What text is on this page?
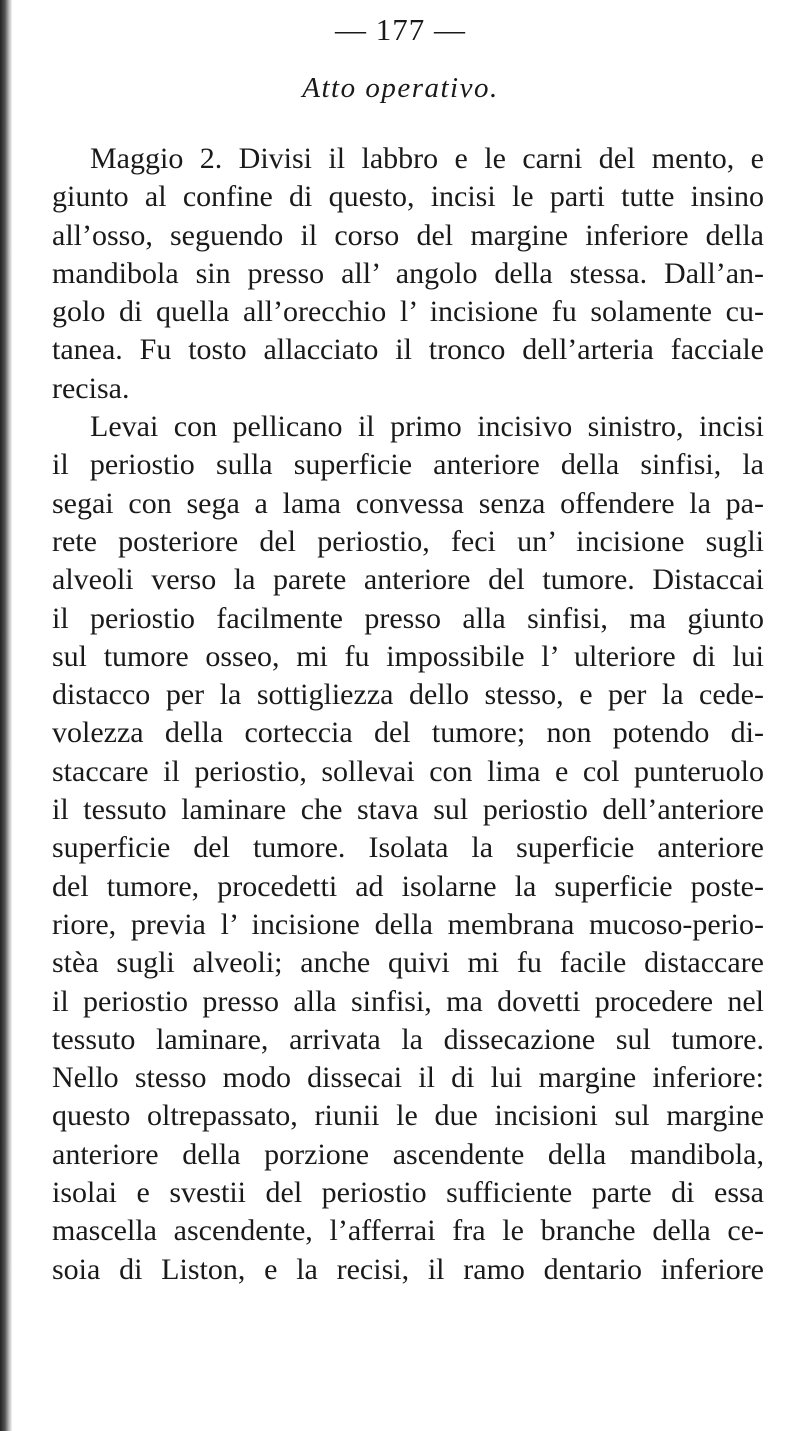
— 177 —
Atto operativo.
Maggio 2. Divisi il labbro e le carni del mento, e
giunto al confine di questo, incisi le parti tutte insino
all’osso, seguendo il corso del margine inferiore della
mandibola sin presso all’ angolo della stessa. Dall’an-
golo di quella all’orecchio l’ incisione fu solamente cu-
tanea. Fu tosto allacciato il tronco dell’arteria facciale
recisa.
Levai con pellicano il primo incisivo sinistro, incisi
il periostio sulla superficie anteriore della sinfisi, la
segai con sega a lama convessa senza offendere la pa-
rete posteriore del periostio, feci un’ incisione sugli
alveoli verso la parete anteriore del tumore. Distaccai
il periostio facilmente presso alla sinfisi, ma giunto
sul tumore osseo, mi fu impossibile l’ ulteriore di lui
distacco per la sottigliezza dello stesso, e per la cede-
volezza della corteccia del tumore; non potendo di-
staccare il periostio, sollevai con lima e col punteruolo
il tessuto laminare che stava sul periostio dell’anteriore
superficie del tumore. Isolata la superficie anteriore
del tumore, procedetti ad isolarne la superficie poste-
riore, previa l’ incisione della membrana mucoso-perio-
stèa sugli alveoli; anche quivi mi fu facile distaccare
il periostio presso alla sinfisi, ma dovetti procedere nel
tessuto laminare, arrivata la dissecazione sul tumore.
Nello stesso modo dissecai il di lui margine inferiore:
questo oltrepassato, riunii le due incisioni sul margine
anteriore della porzione ascendente della mandibola,
isolai e svestii del periostio sufficiente parte di essa
mascella ascendente, l’afferrai fra le branche della ce-
soia di Liston, e la recisi, il ramo dentario inferiore
